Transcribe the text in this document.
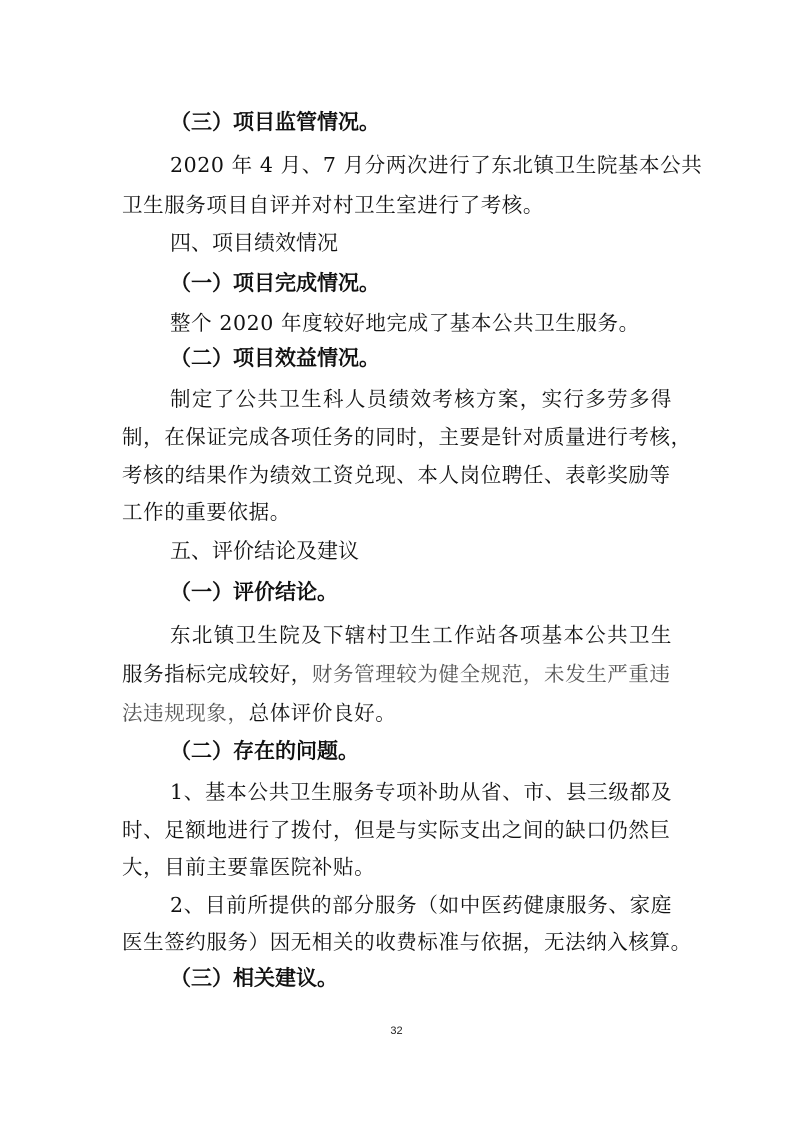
（三）项目监管情况。
2020 年 4 月、7 月分两次进行了东北镇卫生院基本公共
卫生服务项目自评并对村卫生室进行了考核。
四、项目绩效情况
（一）项目完成情况。
整个 2020 年度较好地完成了基本公共卫生服务。
（二）项目效益情况。
制定了公共卫生科人员绩效考核方案，实行多劳多得
制，在保证完成各项任务的同时，主要是针对质量进行考核，
考核的结果作为绩效工资兑现、本人岗位聘任、表彰奖励等
工作的重要依据。
五、评价结论及建议
（一）评价结论。
东北镇卫生院及下辖村卫生工作站各项基本公共卫生
服务指标完成较好，财务管理较为健全规范，未发生严重违
法违规现象，总体评价良好。
（二）存在的问题。
1、基本公共卫生服务专项补助从省、市、县三级都及
时、足额地进行了拨付，但是与实际支出之间的缺口仍然巨
大，目前主要靠医院补贴。
2、目前所提供的部分服务（如中医药健康服务、家庭
医生签约服务）因无相关的收费标准与依据，无法纳入核算。
（三）相关建议。
32
